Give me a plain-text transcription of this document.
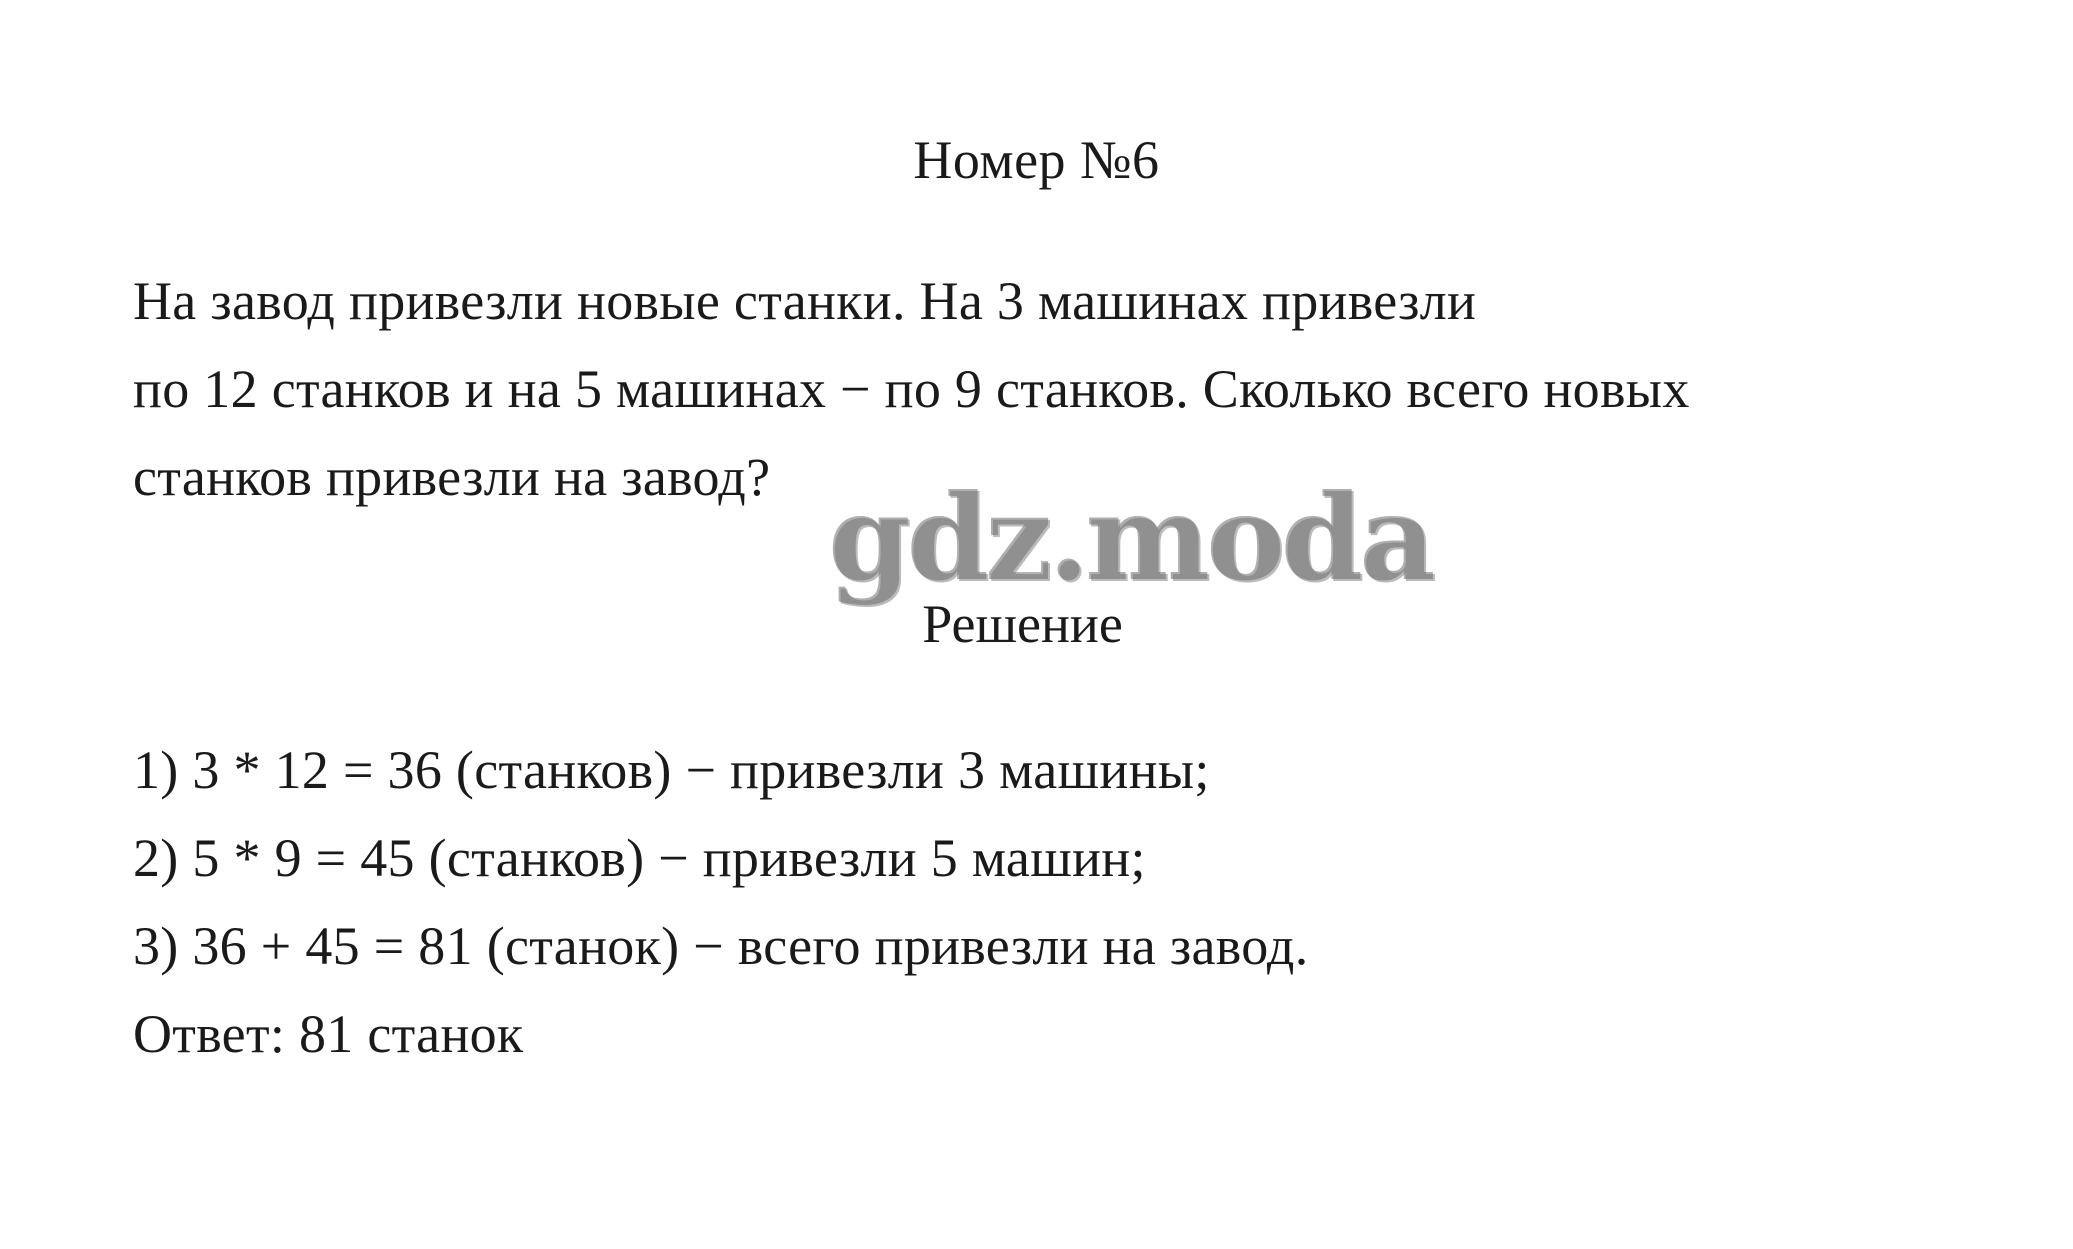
Номер №6
На завод привезли новые станки. На 3 машинах привезли
по 12 станков и на 5 машинах − по 9 станков. Сколько всего новых
станков привезли на завод? gdz.moda
Решение
1) 3 * 12 = 36 (станков) − привезли 3 машины;
2) 5 * 9 = 45 (станков) − привезли 5 машин;
3) 36 + 45 = 81 (станок) − всего привезли на завод.
Ответ: 81 станок
